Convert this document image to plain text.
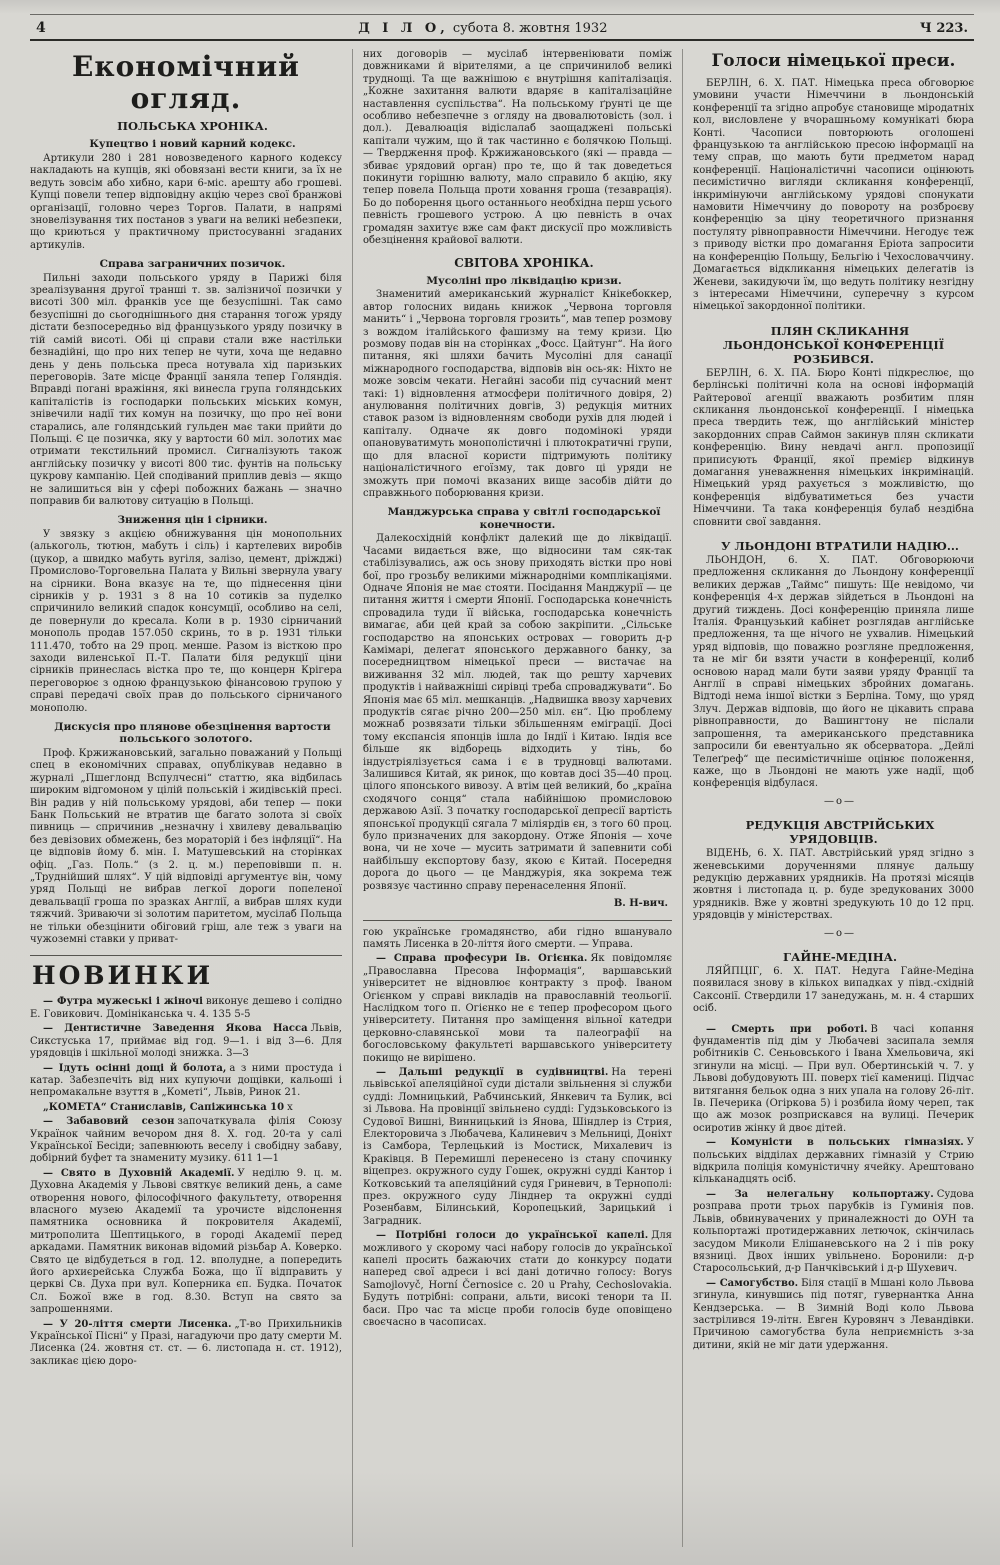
4	Д І Л О, субота 8. жовтня 1932	Ч 223.
Економічний огляд.

ПОЛЬСЬКА ХРОНІКА.

Купецтво і новий карний кодекс.

Артикули 280 і 281 новозведеного карного кодексу накладають на купців, які обовязані вести книги, за їх не ведуть зовсім або хибно, кари 6-міс. арешту або грошеві. Купці повели тепер відповідну акцію через свої бранжові організації, головно через Торгов. Палати, в напрямі зновелізування тих постанов з уваги на великі небезпеки, що криються у практичному пристосуванні згаданих артикулів.

Справа заграничних позичок.

Пильні заходи польського уряду в Парижі біля зреалізування другої транші т. зв. залізничої позички у висоті 300 міл. франків усе ще безуспішні. Так само безуспішні до сьогоднішнього дня старання тогож уряду дістати безпосередньо від французького уряду позичку в тій самій висоті. Обі ці справи стали вже настільки безнадійні, що про них тепер не чути, хоча ще недавно день у день польська преса нотувала хід паризьких переговорів. Зате місце Франції заняла тепер Голяндія. Вправді погані вражіння, які винесла група голяндських капіталістів із господарки польських міських комун, знівечили надії тих комун на позичку, що про неї вони старались, але голяндський гульден має таки прийти до Польщі. Є це позичка, яку у вартости 60 міл. золотих має отримати текстильний промисл. Сигналізують також англійську позичку у висоті 800 тис. фунтів на польську цукрову кампанію. Цей сподіваний приплив девіз — якщо не залишиться він у сфері побожних бажань — значно поправив би валютову ситуацію в Польщі.

Зниження цін і сірники.

У звязку з акцією обнижування цін монопольних (алькоголь, тютюн, мабуть і сіль) і картелевих виробів (цукор, а швидко мабуть вугіля, залізо, цемент, дріжджі) Промислово-Торговельна Палата у Вильні звернула увагу на сірники. Вона вказує на те, що піднесення ціни сірників у р. 1931 з 8 на 10 сотиків за пуделко спричинило великий спадок консумції, особливо на селі, де повернули до кресала. Коли в р. 1930 сірничаний монополь продав 157.050 скринь, то в р. 1931 тільки 111.470, тобто на 29 проц. менше. Разом із вісткою про заходи виленської П.-Т. Палати біля редукції ціни сірників принеслась вістка про те, що концерн Крігера переговорює з одною французькою фінансовою групою у справі передачі своїх прав до польського сірничаного монополю.

Дискусія про плянове обезцінення вартости польського золотого.

Проф. Кржижановський, загально поважаний у Польщі спец в економічних справах, опублікував недавно в журналі „Пшеглонд Вспулчесні“ статтю, яка відбилась широким відгомоном у цілій польській і жидівській пресі. Він радив у ній польському урядові, аби тепер — поки Банк Польський не втратив ще багато золота зі своїх пивниць — спричинив „незначну і хвилеву девальвацію без девізових обмежень, без мораторій і без інфляції“. На це відповів йому б. мін. І. Матушевський на сторінках офіц. „Газ. Поль.“ (з 2. ц. м.) переповівши п. н. „Труднійший шлях“. У цій відповіді аргументує він, чому уряд Польщі не вибрав легкої дороги попеленої девальвації гроша по зразках Англії, а вибрав шлях куди тяжчий. Зриваючи зі золотим паритетом, мусілаб Польща не тільки обезцінити обіговий гріш, але теж з уваги на чужоземні ставки у приват-

НОВИНКИ

— Футра мужеські і жіночі виконує дешево і солідно Е. Говикович. Домініканська ч. 4. 135 5-5

— Дентистичне Заведення Якова Насса Львів, Сикстуська 17, приймає від год. 9—1. і від 3—6. Для урядовців і шкільної молоді знижка. 3—3

— Ідуть осінні дощі й болота, а з ними простуда і катар. Забезпечіть від них купуючи дощівки, кальоші і непромакальне взуття в „Кометі“, Львів, Ринок 21.

„КОМЕТА“ Станиславів, Сапіжинська 10 х

— Забавовий сезон започаткувала філія Союзу Українок чайним вечором дня 8. X. год. 20-та у салі Української Бесіди; запевнюють веселу і свобідну забаву, добірний буфет та знамениту музику. 611 1—1

— Свято в Духовній Академії. У неділю 9. ц. м. Духовна Академія у Львові святкує великий день, а саме отворення нового, філософічного факультету, отворення власного музею Академії та урочисте відслонення памятника основника й покровителя Академії, митрополита Шептицького, в городі Академії перед аркадами. Памятник виконав відомий різьбар А. Коверко. Свято це відбудеться в год. 12. вполудне, а попередить його архиєрейська Служба Божа, що її відправить у церкві Св. Духа при вул. Коперника єп. Будка. Початок Сл. Божої вже в год. 8.30. Вступ на свято за запрошеннями.

— У 20-ліття смерти Лисенка. „Т-во Прихильників Української Пісні“ у Празі, нагадуючи про дату смерти М. Лисенка (24. жовтня ст. ст. — 6. листопада н. ст. 1912), закликає цією доро-

них договорів — мусілаб інтервеніювати поміж довжниками й вірителями, а це спричинилоб великі труднощі. Та ще важнішою є внутрішня капіталізація. „Кожне захитання валюти вдаряє в капіталізаційне наставлення суспільства“. На польському ґрунті це ще особливо небезпечне з огляду на двовалютовість (зол. і дол.). Девалюація відіслалаб заощаджені польські капітали чужим, що й так частинно є болячкою Польщі. — Твердження проф. Кржижановського (які — правда — збиває урядовий орган) про те, що й так доведеться покинути горішню валюту, мало справило б акцію, яку тепер повела Польща проти ховання гроша (тезаврація). Бо до поборення цього останнього необхідна перш усього певність грошевого устрою. А цю певність в очах громадян захитує вже сам факт дискусії про можливість обезцінення крайової валюти.

СВІТОВА ХРОНІКА.

Мусоліні про ліквідацію кризи.

Знаменитий американський журналіст Кнікебоккер, автор голосних видань книжок „Червона торговля манить“ і „Червона торговля грозить“, мав тепер розмову з вождом італійського фашизму на тему кризи. Цю розмову подав він на сторінках „Фосс. Цайтунг“. На його питання, які шляхи бачить Мусоліні для санації міжнародного господарства, відповів він ось-як: Ніхто не може зовсім чекати. Негайні засоби під сучасний мент такі: 1) відновлення атмосфери політичного довіря, 2) анулювання політичних довгів, 3) редукція митних ставок разом із відновленням свободи рухів для людей і капіталу. Одначе як довго подомінокі уряди опановуватимуть монополістичні і плютократичні групи, що для власної користи підтримують політику націоналістичного егоїзму, так довго ці уряди не зможуть при помочі вказаних вище засобів дійти до справжнього поборювання кризи.

Манджурська справа у світлі господарської конечности.

Далекосхідній конфлікт далекий ще до ліквідації. Часами видається вже, що відносини там сяк-так стабілізувались, аж ось знову приходять вістки про нові бої, про грозьбу великими міжнародніми комплікаціями. Одначе Японія не має стояти. Посідання Манджурії — це питання життя і смерти Японії. Господарська конечність спровадила туди її війська, господарська конечність вимагає, аби цей край за собою закріпити. „Сільське господарство на японських островах — говорить д-р Камімарі, делегат японського державного банку, за посередництвом німецької преси — вистачає на виживання 32 міл. людей, так що решту харчевих продуктів і найважніші сирівці треба спроваджувати“. Бо Японія має 65 міл. мешканців. „Надвишка ввозу харчевих продуктів сягає річно 200—250 міл. єн“. Цю проблему можнаб розвязати тільки збільшенням еміграції. Досі тому експансія японців ішла до Індії і Китаю. Індія все більше як відборець відходить у тінь, бо індустріялізується сама і є в трудновці валютами. Залишився Китай, як ринок, що ковтав досі 35—40 проц. цілого японського вивозу. А втім цей великий, бо „країна сходячого сонця“ стала набійнішою промисловою державою Азії. З початку господарської депресії вартість японської продукції сягала 7 міліярдів єн, з того 60 проц. було призначених для закордону. Отже Японія — хоче вона, чи не хоче — мусить затримати й запевнити собі найбільшу експортову базу, якою є Китай. Посередня дорога до цього — це Манджурія, яка зокрема теж розвязує частинно справу перенаселення Японії.

В. Н-вич.

гою українське громадянство, аби гідно вшанувало память Лисенка в 20-ліття його смерти. — Управа.

— Справа професури Ів. Огієнка. Як повідомляє „Православна Пресова Інформація“, варшавський університет не відновлює контракту з проф. Іваном Огієнком у справі викладів на православній теольогії. Наслідком того п. Огієнко не є тепер професором цього університету. Питання про заміщення вільної катедри церковно-славянської мови та палеографії на богословському факультеті варшавського університету покищо не вирішено.

— Дальші редукції в судівництві. На терені львівської апеляційної суди дістали звільнення зі служби судді: Ломницький, Рабчинський, Янкевич та Булик, всі зі Львова. На провінції звільнено судді: Гудзьковського із Судової Вишні, Винницький із Янова, Шіндлер із Стрия, Електоровича з Любачева, Калиневич з Мельниці, Доніхт із Самбора, Терлецький із Мостиск, Михалевич із Краківця. В Перемишлі перенесено із стану спочинку віцепрез. окружного суду Гошек, окружні судді Кантор і Котковський та апеляційний судя Гриневич, в Тернополі: през. окружного суду Лінднер та окружні судді Розенбавм, Білинський, Коропецький, Зарицький і Заградник.

— Потрібні голоси до української капелі. Для можливого у скорому часі набору голосів до української капелі просить бажаючих стати до конкурсу подати наперед свої адреси і всі дані дотично голосу: Borys Samojlovyč, Horní Černosice c. 20 u Prahy, Cechoslovakia. Будуть потрібні: сопрани, альти, високі тенори та ІІ. баси. Про час та місце проби голосів буде оповіщено своєчасно в часописах.

Голоси німецької преси.

БЕРЛІН, 6. X. ПАТ. Німецька преса обговорює умовини участи Німеччини в льондонській конференції та згідно апробує становище міродатніх кол, висловлене у вчорашньому комунікаті бюра Конті. Часописи повторюють оголошені французькою та англійською пресою інформації на тему справ, що мають бути предметом нарад конференції. Націоналістичні часописи оцінюють песимістично вигляди скликання конференції, інкримінуючи англійському урядові спонукати намовити Німеччину до повороту на розброєву конференцію за ціну теоретичного признання постуляту рівноправности Німеччини. Негодує теж з приводу вістки про домагання Еріота запросити на конференцію Польщу, Бельгію і Чехословаччину. Домагається відкликання німецьких делегатів із Женеви, закидуючи їм, що ведуть політику незгідну з інтересами Німеччини, суперечну з курсом німецької закордонної політики.

ПЛЯН СКЛИКАННЯ ЛЬОНДОНСЬКОЇ КОНФЕРЕНЦІЇ РОЗБИВСЯ.

БЕРЛІН, 6. X. ПА. Бюро Конті підкреслює, що берлінські політичні кола на основі інформацій Райтерової агенції вважають розбитим плян скликання льондонської конференції. І німецька преса твердить теж, що англійський міністер закордонних справ Саймон закинув плян скликати конференцію. Вину невдачі англ. пропозиції приписують Франції, якої премієр відкинув домагання уневажнення німецьких інкримінацій. Німецький уряд рахується з можливістю, що конференція відбуватиметься без участи Німеччини. Та така конференція булаб нездібна сповнити свої завдання.

У ЛЬОНДОНІ ВТРАТИЛИ НАДІЮ...

ЛЬОНДОН, 6. X. ПАТ. Обговорюючи предложення скликання до Льондону конференції великих держав „Таймс“ пишуть: Ще невідомо, чи конференція 4-х держав зійдеться в Льондоні на другий тиждень. Досі конференцію приняла лише Італія. Французький кабінет розглядав англійське предложення, та ще нічого не ухвалив. Німецький уряд відповів, що поважно розгляне предложення, та не міг би взяти участи в конференції, колиб основою нарад мали бути заяви уряду Франції та Англії в справі німецьких збройних домагань. Відтоді нема іншої вістки з Берліна. Тому, що уряд Злуч. Держав відповів, що його не цікавить справа рівноправности, до Вашингтону не післали запрошення, та американського представника запросили би евентуально як обсерватора. „Дейлі Телеґреф“ ще песимістичніше оцінює положення, каже, що в Льондоні не мають уже надії, щоб конференція відбулася.

—о—

РЕДУКЦІЯ АВСТРІЙСЬКИХ УРЯДОВЦІВ.

ВІДЕНЬ, 6. X. ПАТ. Австрійський уряд згідно з женевськими дорученнями плянує дальшу редукцію державних урядників. На протязі місяців жовтня і листопада ц. р. буде зредукованих 3000 урядників. Вже у жовтні зредукують 10 до 12 прц. урядовців у міністерствах.

—о—

ГАЙНЕ-МЕДІНА.

ЛЯЙПЦІГ, 6. X. ПАТ. Недуга Гайне-Медіна появилася знову в кількох випадках у півд.-східній Саксонії. Ствердили 17 занедужань, м. н. 4 старших осіб.

— Смерть при роботі. В часі копання фундаментів під дім у Любачеві засипала земля робітників С. Сеньовського і Івана Хмельовича, які згинули на місці. — При вул. Обертинській ч. 7. у Львові добудовують III. поверх тієї камениці. Підчас витягання бельок одна з них упала на голову 26-літ. Ів. Печерика (Огіркова 5) і розбила йому череп, так що аж мозок розприскався на вулиці. Печерик осиротив жінку й двоє дітей.

— Комуністи в польських гімназіях. У польських відділах державних гімназій у Стрию відкрила поліція комуністичну ячейку. Арештовано кільканадцять осіб.

— За нелегальну кольпортажу. Судова розправа проти трьох парубків із Гуминія пов. Львів, обвинувачених у приналежності до ОУН та кольпортажі протидержавних летючок, скінчилась засудом Миколи Елішаневського на 2 і пів року вязниці. Двох інших увільнено. Боронили: д-р Старосольський, д-р Панчківський і д-р Шухевич.

— Самогубство. Біля стації в Мшані коло Львова згинула, кинувшись під потяг, гувернантка Анна Кендзерська. — В Зимній Воді коло Львова застрілився 19-літн. Евген Куровянч з Левандівки. Причиною самогубства була неприємність з-за дитини, якій не міг дати удержання.
